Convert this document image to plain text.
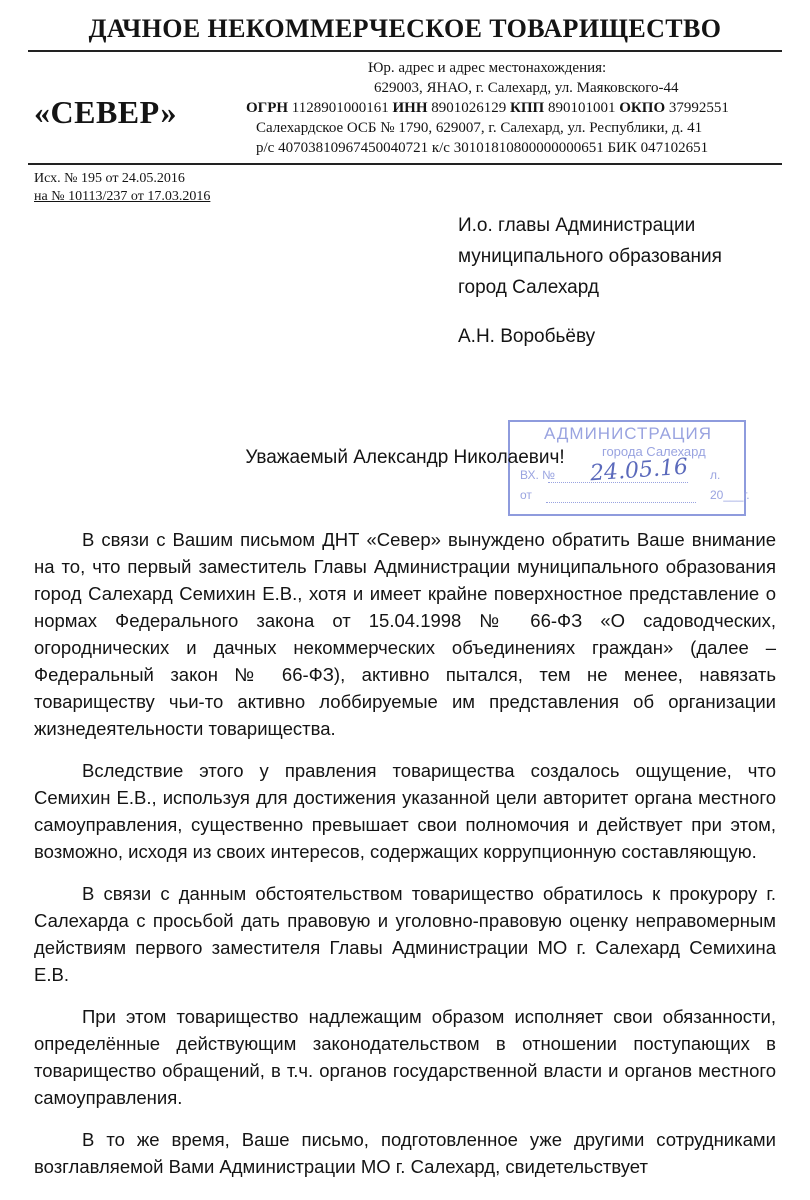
ДАЧНОЕ НЕКОММЕРЧЕСКОЕ ТОВАРИЩЕСТВО
«СЕВЕР»
Юр. адрес и адрес местонахождения:
629003, ЯНАО, г. Салехард, ул. Маяковского-44
ОГРН 1128901000161 ИНН 8901026129 КПП 890101001 ОКПО 37992551
Салехардское ОСБ № 1790, 629007, г. Салехард, ул. Республики, д. 41
р/с 40703810967450040721 к/с 30101810800000000651 БИК 047102651
Исх. № 195 от 24.05.2016
на № 10113/237 от 17.03.2016
И.о. главы Администрации
муниципального образования
город Салехард
А.Н. Воробьёву
АДМИНИСТРАЦИЯ
города Салехард
ВХ. №	л.
от	20___г.
24.05.16
Уважаемый Александр Николаевич!

В связи с Вашим письмом ДНТ «Север» вынуждено обратить Ваше внимание на то, что первый заместитель Главы Администрации муниципального образования город Салехард Семихин Е.В., хотя и имеет крайне поверхностное представление о нормах Федерального закона от 15.04.1998 № 66-ФЗ «О садоводческих, огороднических и дачных некоммерческих объединениях граждан» (далее – Федеральный закон № 66-ФЗ), активно пытался, тем не менее, навязать товариществу чьи-то активно лоббируемые им представления об организации жизнедеятельности товарищества.

Вследствие этого у правления товарищества создалось ощущение, что Семихин Е.В., используя для достижения указанной цели авторитет органа местного самоуправления, существенно превышает свои полномочия и действует при этом, возможно, исходя из своих интересов, содержащих коррупционную составляющую.

В связи с данным обстоятельством товарищество обратилось к прокурору г. Салехарда с просьбой дать правовую и уголовно-правовую оценку неправомерным действиям первого заместителя Главы Администрации МО г. Салехард Семихина Е.В.

При этом товарищество надлежащим образом исполняет свои обязанности, определённые действующим законодательством в отношении поступающих в товарищество обращений, в т.ч. органов государственной власти и органов местного самоуправления.

В то же время, Ваше письмо, подготовленное уже другими сотрудниками возглавляемой Вами Администрации МО г. Салехард, свидетельствует
